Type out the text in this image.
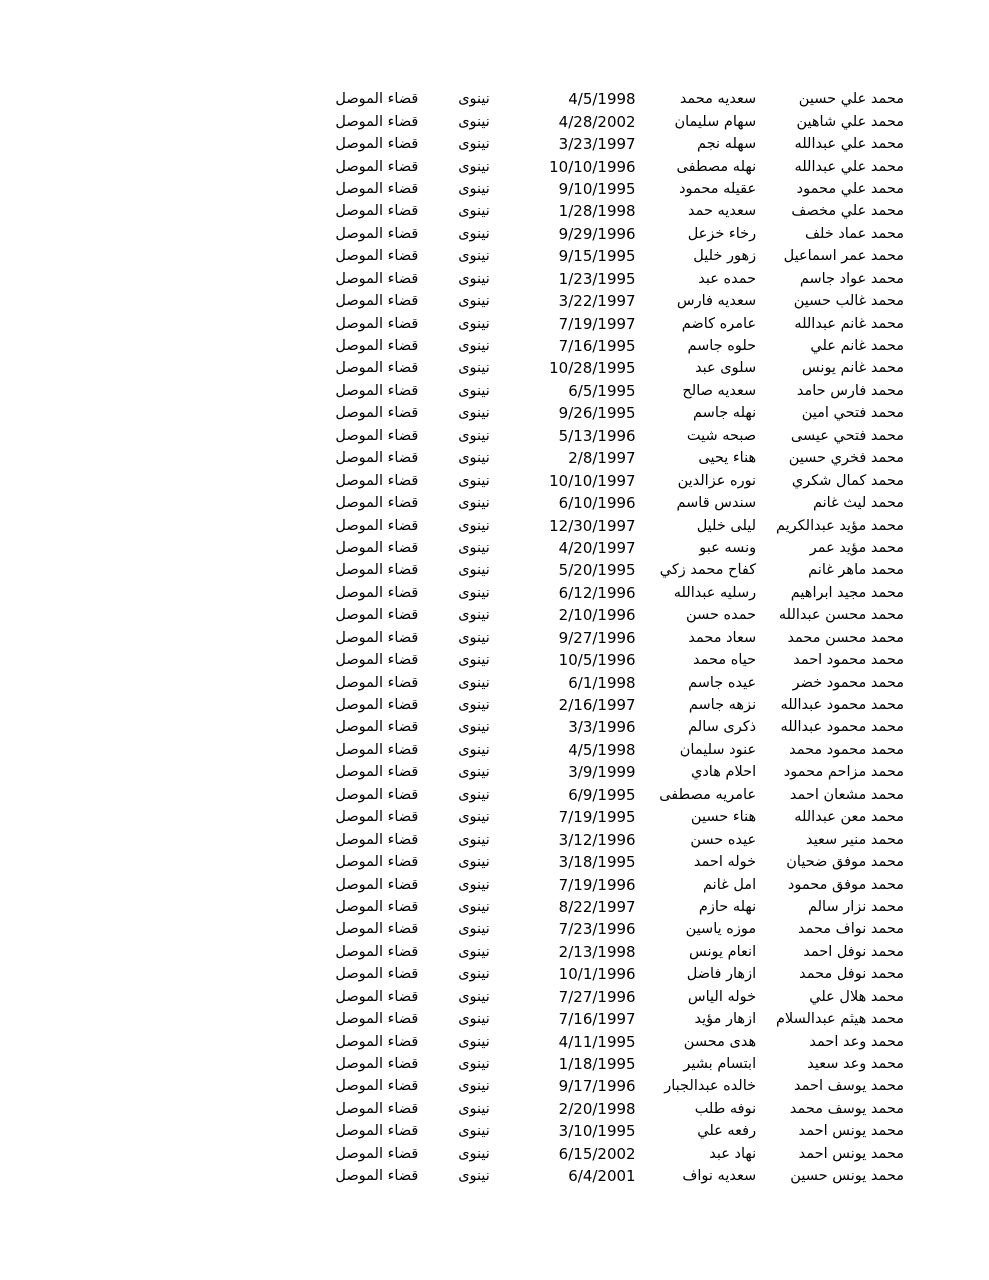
قضاء الموصل	نينوى	4/5/1998	سعديه محمد	محمد علي حسين
قضاء الموصل	نينوى	4/28/2002	سهام سليمان	محمد علي شاهين
قضاء الموصل	نينوى	3/23/1997	سهله نجم	محمد علي عبدالله
قضاء الموصل	نينوى	10/10/1996	نهله مصطفى	محمد علي عبدالله
قضاء الموصل	نينوى	9/10/1995	عقيله محمود	محمد علي محمود
قضاء الموصل	نينوى	1/28/1998	سعديه حمد	محمد علي مخصف
قضاء الموصل	نينوى	9/29/1996	رخاء خزعل	محمد عماد خلف
قضاء الموصل	نينوى	9/15/1995	زهور خليل	محمد عمر اسماعيل
قضاء الموصل	نينوى	1/23/1995	حمده عبد	محمد عواد جاسم
قضاء الموصل	نينوى	3/22/1997	سعديه فارس	محمد غالب حسين
قضاء الموصل	نينوى	7/19/1997	عامره كاضم	محمد غانم عبدالله
قضاء الموصل	نينوى	7/16/1995	حلوه جاسم	محمد غانم علي
قضاء الموصل	نينوى	10/28/1995	سلوى عبد	محمد غانم يونس
قضاء الموصل	نينوى	6/5/1995	سعديه صالح	محمد فارس حامد
قضاء الموصل	نينوى	9/26/1995	نهله جاسم	محمد فتحي امين
قضاء الموصل	نينوى	5/13/1996	صبحه شيت	محمد فتحي عيسى
قضاء الموصل	نينوى	2/8/1997	هناء يحيى	محمد فخري حسين
قضاء الموصل	نينوى	10/10/1997	نوره عزالدين	محمد كمال شكري
قضاء الموصل	نينوى	6/10/1996	سندس قاسم	محمد ليث غانم
قضاء الموصل	نينوى	12/30/1997	ليلى خليل	محمد مؤيد عبدالكريم
قضاء الموصل	نينوى	4/20/1997	ونسه عبو	محمد مؤيد عمر
قضاء الموصل	نينوى	5/20/1995	كفاح محمد زكي	محمد ماهر غانم
قضاء الموصل	نينوى	6/12/1996	رسليه عبدالله	محمد مجيد ابراهيم
قضاء الموصل	نينوى	2/10/1996	حمده حسن	محمد محسن عبدالله
قضاء الموصل	نينوى	9/27/1996	سعاد محمد	محمد محسن محمد
قضاء الموصل	نينوى	10/5/1996	حياه محمد	محمد محمود احمد
قضاء الموصل	نينوى	6/1/1998	عيده جاسم	محمد محمود خضر
قضاء الموصل	نينوى	2/16/1997	نزهه جاسم	محمد محمود عبدالله
قضاء الموصل	نينوى	3/3/1996	ذكرى سالم	محمد محمود عبدالله
قضاء الموصل	نينوى	4/5/1998	عنود سليمان	محمد محمود محمد
قضاء الموصل	نينوى	3/9/1999	احلام هادي	محمد مزاحم محمود
قضاء الموصل	نينوى	6/9/1995	عامريه مصطفى	محمد مشعان احمد
قضاء الموصل	نينوى	7/19/1995	هناء حسين	محمد معن عبدالله
قضاء الموصل	نينوى	3/12/1996	عيده حسن	محمد منير سعيد
قضاء الموصل	نينوى	3/18/1995	خوله احمد	محمد موفق ضحيان
قضاء الموصل	نينوى	7/19/1996	امل غانم	محمد موفق محمود
قضاء الموصل	نينوى	8/22/1997	نهله حازم	محمد نزار سالم
قضاء الموصل	نينوى	7/23/1996	موزه ياسين	محمد نواف محمد
قضاء الموصل	نينوى	2/13/1998	انعام يونس	محمد نوفل احمد
قضاء الموصل	نينوى	10/1/1996	ازهار فاضل	محمد نوفل محمد
قضاء الموصل	نينوى	7/27/1996	خوله الياس	محمد هلال علي
قضاء الموصل	نينوى	7/16/1997	ازهار مؤيد	محمد هيثم عبدالسلام
قضاء الموصل	نينوى	4/11/1995	هدى محسن	محمد وعد احمد
قضاء الموصل	نينوى	1/18/1995	ابتسام بشير	محمد وعد سعيد
قضاء الموصل	نينوى	9/17/1996	خالده عبدالجبار	محمد يوسف احمد
قضاء الموصل	نينوى	2/20/1998	نوفه طلب	محمد يوسف محمد
قضاء الموصل	نينوى	3/10/1995	رفعه علي	محمد يونس احمد
قضاء الموصل	نينوى	6/15/2002	نهاد عبد	محمد يونس احمد
قضاء الموصل	نينوى	6/4/2001	سعديه نواف	محمد يونس حسين
